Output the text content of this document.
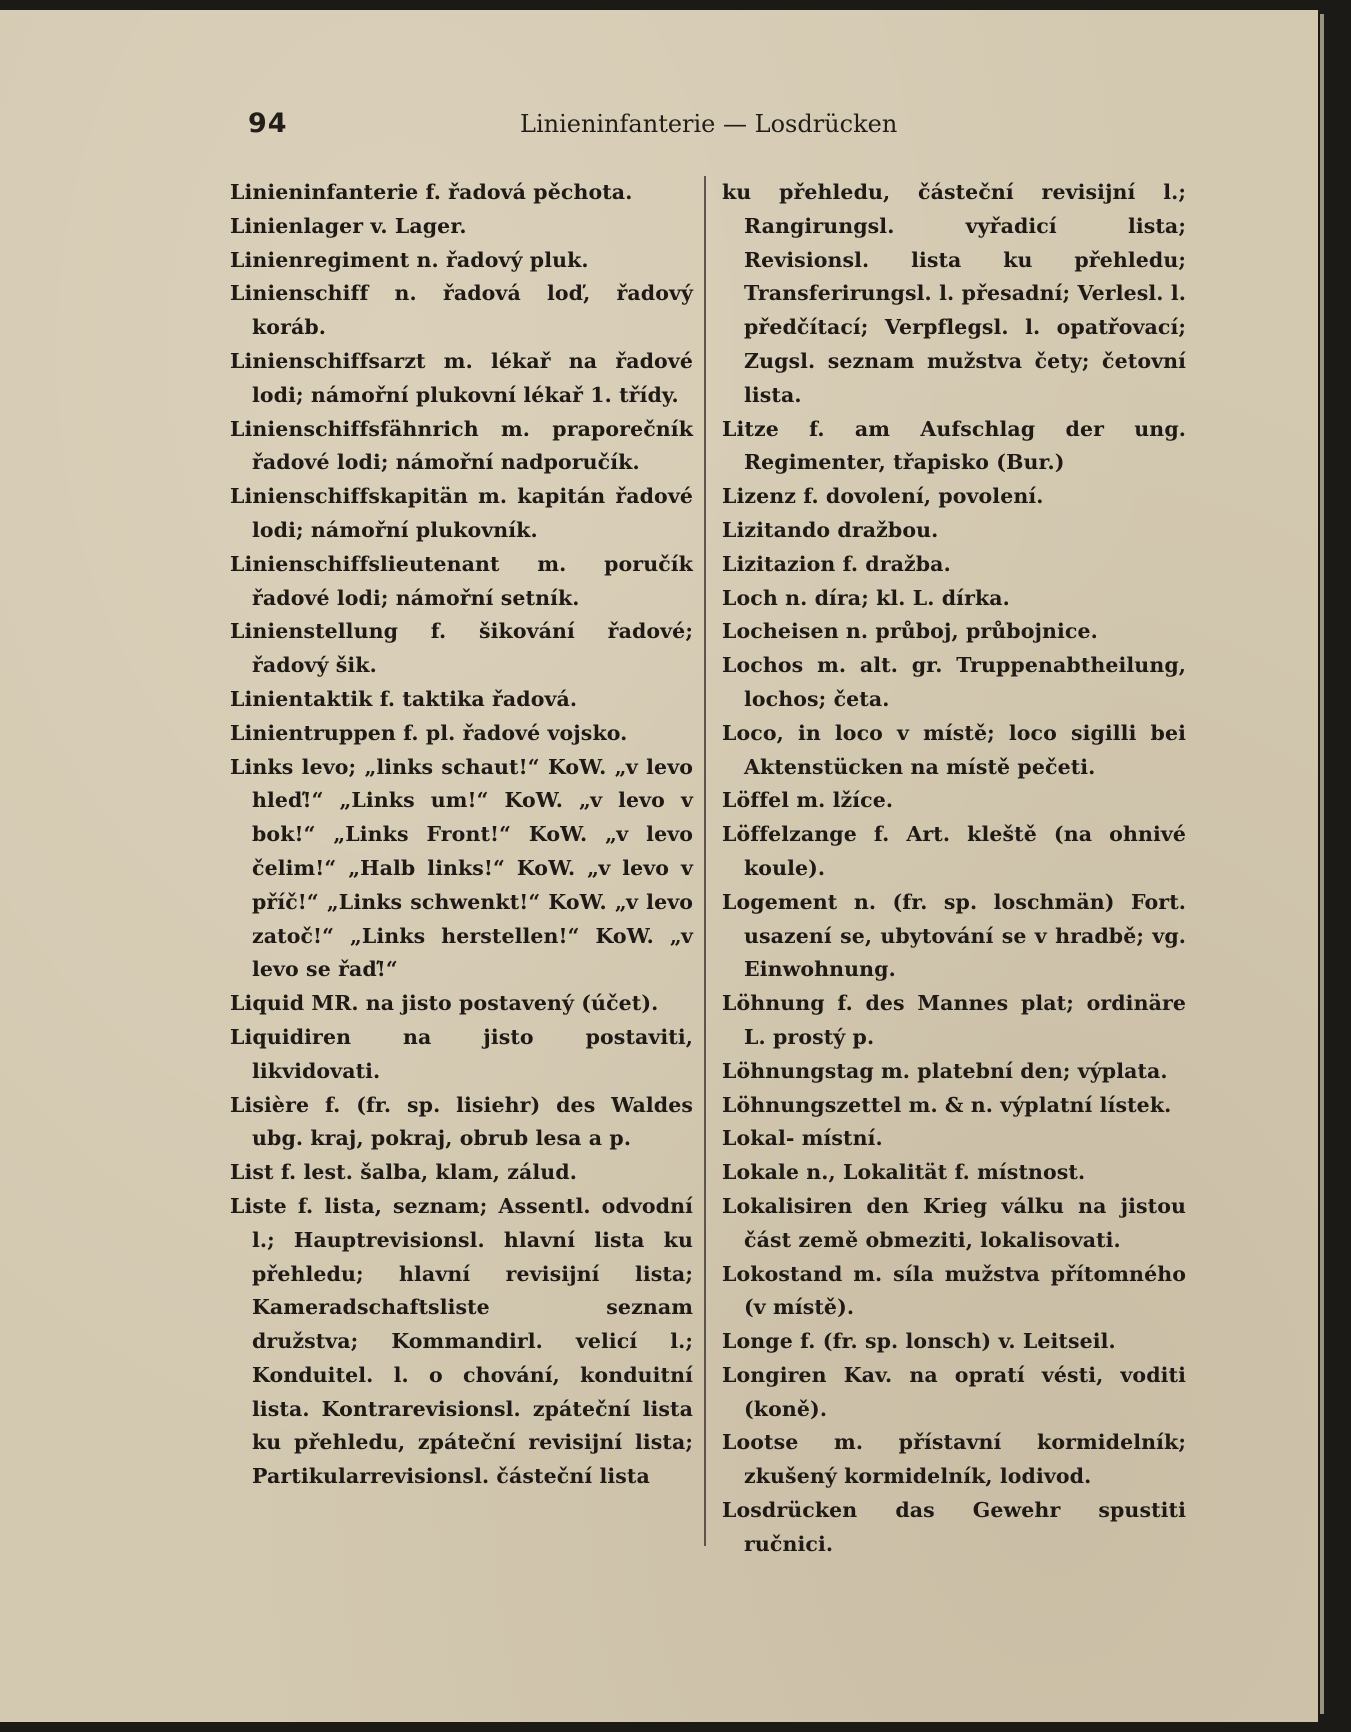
94	Linieninfanterie — Losdrücken

Linieninfanterie f. řadová pěchota.

Linienlager v. Lager.

Linienregiment n. řadový pluk.

Linienschiff n. řadová loď, řadový koráb.

Linienschiffsarzt m. lékař na řadové lodi; námořní plukovní lékař 1. třídy.

Linienschiffsfähnrich m. praporečník řadové lodi; námořní nadporučík.

Linienschiffskapitän m. kapitán řadové lodi; námořní plukovník.

Linienschiffslieutenant m. poručík řadové lodi; námořní setník.

Linienstellung f. šikování řadové; řadový šik.

Linientaktik f. taktika řadová.

Linientruppen f. pl. řadové vojsko.

Links levo; „links schaut!“ KoW. „v levo hleď!“ „Links um!“ KoW. „v levo v bok!“ „Links Front!“ KoW. „v levo čelim!“ „Halb links!“ KoW. „v levo v příč!“ „Links schwenkt!“ KoW. „v levo zatoč!“ „Links herstellen!“ KoW. „v levo se řaď!“

Liquid MR. na jisto postavený (účet).

Liquidiren na jisto postaviti, likvidovati.

Lisière f. (fr. sp. lisiehr) des Waldes ubg. kraj, pokraj, obrub lesa a p.

List f. lest. šalba, klam, zálud.

Liste f. lista, seznam; Assentl. odvodní l.; Hauptrevisionsl. hlavní lista ku přehledu; hlavní revisijní lista; Kameradschaftsliste seznam družstva; Kommandirl. velicí l.; Konduitel. l. o chování, konduitní lista. Kontrarevisionsl. zpáteční lista ku přehledu, zpáteční revisijní lista; Partikularrevisionsl. částeční lista

ku přehledu, částeční revisijní l.; Rangirungsl. vyřadicí lista; Revisionsl. lista ku přehledu; Transferirungsl. l. přesadní; Verlesl. l. předčítací; Verpflegsl. l. opatřovací; Zugsl. seznam mužstva čety; četovní lista.

Litze f. am Aufschlag der ung. Regimenter, třapisko (Bur.)

Lizenz f. dovolení, povolení.

Lizitando dražbou.

Lizitazion f. dražba.

Loch n. díra; kl. L. dírka.

Locheisen n. průboj, průbojnice.

Lochos m. alt. gr. Truppenabtheilung, lochos; četa.

Loco, in loco v místě; loco sigilli bei Aktenstücken na místě pečeti.

Löffel m. lžíce.

Löffelzange f. Art. kleště (na ohnivé koule).

Logement n. (fr. sp. loschmän) Fort. usazení se, ubytování se v hradbě; vg. Einwohnung.

Löhnung f. des Mannes plat; ordinäre L. prostý p.

Löhnungstag m. platební den; výplata.

Löhnungszettel m. & n. výplatní lístek.

Lokal- místní.

Lokale n., Lokalität f. místnost.

Lokalisiren den Krieg válku na jistou část země obmeziti, lokalisovati.

Lokostand m. síla mužstva přítomného (v místě).

Longe f. (fr. sp. lonsch) v. Leitseil.

Longiren Kav. na opratí vésti, voditi (koně).

Lootse m. přístavní kormidelník; zkušený kormidelník, lodivod.

Losdrücken das Gewehr spustiti ručnici.
